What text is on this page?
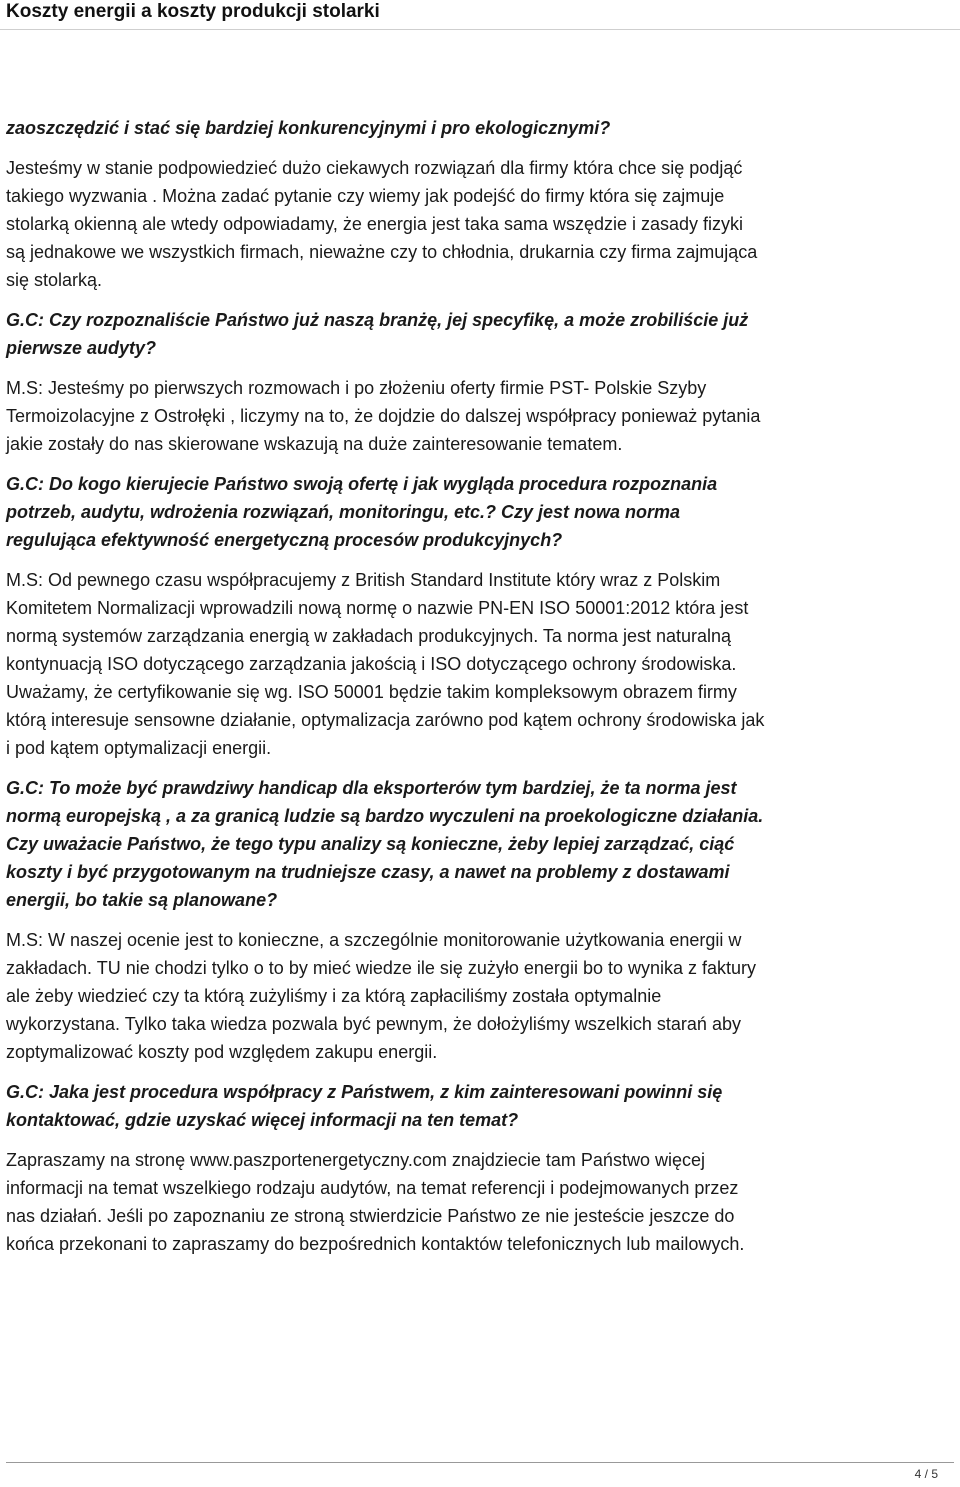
Koszty energii a koszty produkcji stolarki

zaoszczędzić i stać się bardziej konkurencyjnymi i pro ekologicznymi?

Jesteśmy w stanie podpowiedzieć dużo ciekawych rozwiązań dla firmy która chce się podjąć
takiego wyzwania . Można zadać pytanie czy wiemy jak podejść do firmy która się zajmuje
stolarką okienną ale wtedy odpowiadamy, że energia jest taka sama wszędzie i zasady fizyki
są jednakowe we wszystkich firmach, nieważne czy to chłodnia, drukarnia czy firma zajmująca
się stolarką.

G.C: Czy rozpoznaliście Państwo już naszą branżę, jej specyfikę, a może zrobiliście już
pierwsze audyty?

M.S: Jesteśmy po pierwszych rozmowach i po złożeniu oferty firmie PST- Polskie Szyby
Termoizolacyjne z Ostrołęki , liczymy na to, że dojdzie do dalszej współpracy ponieważ pytania
jakie zostały do nas skierowane wskazują na duże zainteresowanie tematem.

G.C: Do kogo kierujecie Państwo swoją ofertę i jak wygląda procedura rozpoznania
potrzeb, audytu, wdrożenia rozwiązań, monitoringu, etc.? Czy jest nowa norma
regulująca efektywność energetyczną procesów produkcyjnych?

M.S: Od pewnego czasu współpracujemy z British Standard Institute który wraz z Polskim
Komitetem Normalizacji wprowadzili nową normę o nazwie PN-EN ISO 50001:2012 która jest
normą systemów zarządzania energią w zakładach produkcyjnych. Ta norma jest naturalną
kontynuacją ISO dotyczącego zarządzania jakością i ISO dotyczącego ochrony środowiska.
Uważamy, że certyfikowanie się wg. ISO 50001 będzie takim kompleksowym obrazem firmy
którą interesuje sensowne działanie, optymalizacja zarówno pod kątem ochrony środowiska jak
i pod kątem optymalizacji energii.

G.C: To może być prawdziwy handicap dla eksporterów tym bardziej, że ta norma jest
normą europejską , a za granicą ludzie są bardzo wyczuleni na proekologiczne działania.
Czy uważacie Państwo, że tego typu analizy są konieczne, żeby lepiej zarządzać, ciąć
koszty i być przygotowanym na trudniejsze czasy, a nawet na problemy z dostawami
energii, bo takie są planowane?

M.S: W naszej ocenie jest to konieczne, a szczególnie monitorowanie użytkowania energii w
zakładach. TU nie chodzi tylko o to by mieć wiedze ile się zużyło energii bo to wynika z faktury
ale żeby wiedzieć czy ta którą zużyliśmy i za którą zapłaciliśmy została optymalnie
wykorzystana. Tylko taka wiedza pozwala być pewnym, że dołożyliśmy wszelkich starań aby
zoptymalizować koszty pod względem zakupu energii.

G.C: Jaka jest procedura współpracy z Państwem, z kim zainteresowani powinni się
kontaktować, gdzie uzyskać więcej informacji na ten temat?

Zapraszamy na stronę www.paszportenergetyczny.com znajdziecie tam Państwo więcej
informacji na temat wszelkiego rodzaju audytów, na temat referencji i podejmowanych przez
nas działań. Jeśli po zapoznaniu ze stroną stwierdzicie Państwo ze nie jesteście jeszcze do
końca przekonani to zapraszamy do bezpośrednich kontaktów telefonicznych lub mailowych.

4 / 5
